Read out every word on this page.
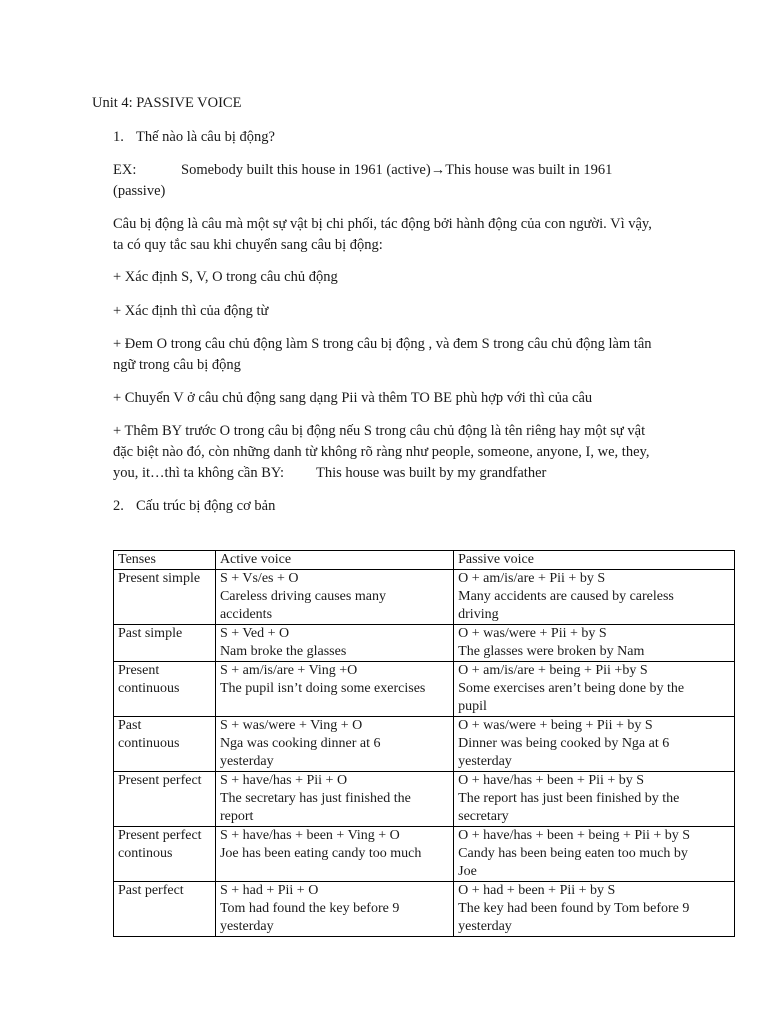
Unit 4: PASSIVE VOICE
1. Thế nào là câu bị động?
EX:	Somebody built this house in 1961 (active)→This house was built in 1961
(passive)
Câu bị động là câu mà một sự vật bị chi phối, tác động bởi hành động của con người. Vì vậy,
ta có quy tắc sau khi chuyển sang câu bị động:
+ Xác định S, V, O trong câu chủ động
+ Xác định thì của động từ
+ Đem O trong câu chủ động làm S trong câu bị động , và đem S trong câu chủ động làm tân
ngữ trong câu bị động
+ Chuyển V ở câu chủ động sang dạng Pii và thêm TO BE phù hợp với thì của câu
+ Thêm BY trước O trong câu bị động nếu S trong câu chủ động là tên riêng hay một sự vật
đặc biệt nào đó, còn những danh từ không rõ ràng như people, someone, anyone, I, we, they,
you, it…thì ta không cần BY: This house was built by my grandfather
2. Cấu trúc bị động cơ bản
Tenses	Active voice	Passive voice

Present simple	S + Vs/es + O
Careless driving causes many
accidents	O + am/is/are + Pii + by S
Many accidents are caused by careless
driving

Past simple	S + Ved + O
Nam broke the glasses	O + was/were + Pii + by S
The glasses were broken by Nam

Present
continuous	S + am/is/are + Ving +O
The pupil isn’t doing some exercises	O + am/is/are + being + Pii +by S
Some exercises aren’t being done by the
pupil

Past
continuous	S + was/were + Ving + O
Nga was cooking dinner at 6
yesterday	O + was/were + being + Pii + by S
Dinner was being cooked by Nga at 6
yesterday

Present perfect	S + have/has + Pii + O
The secretary has just finished the
report	O + have/has + been + Pii + by S
The report has just been finished by the
secretary

Present perfect
continous	S + have/has + been + Ving + O
Joe has been eating candy too much	O + have/has + been + being + Pii + by S
Candy has been being eaten too much by
Joe

Past perfect	S + had + Pii + O
Tom had found the key before 9
yesterday	O + had + been + Pii + by S
The key had been found by Tom before 9
yesterday
